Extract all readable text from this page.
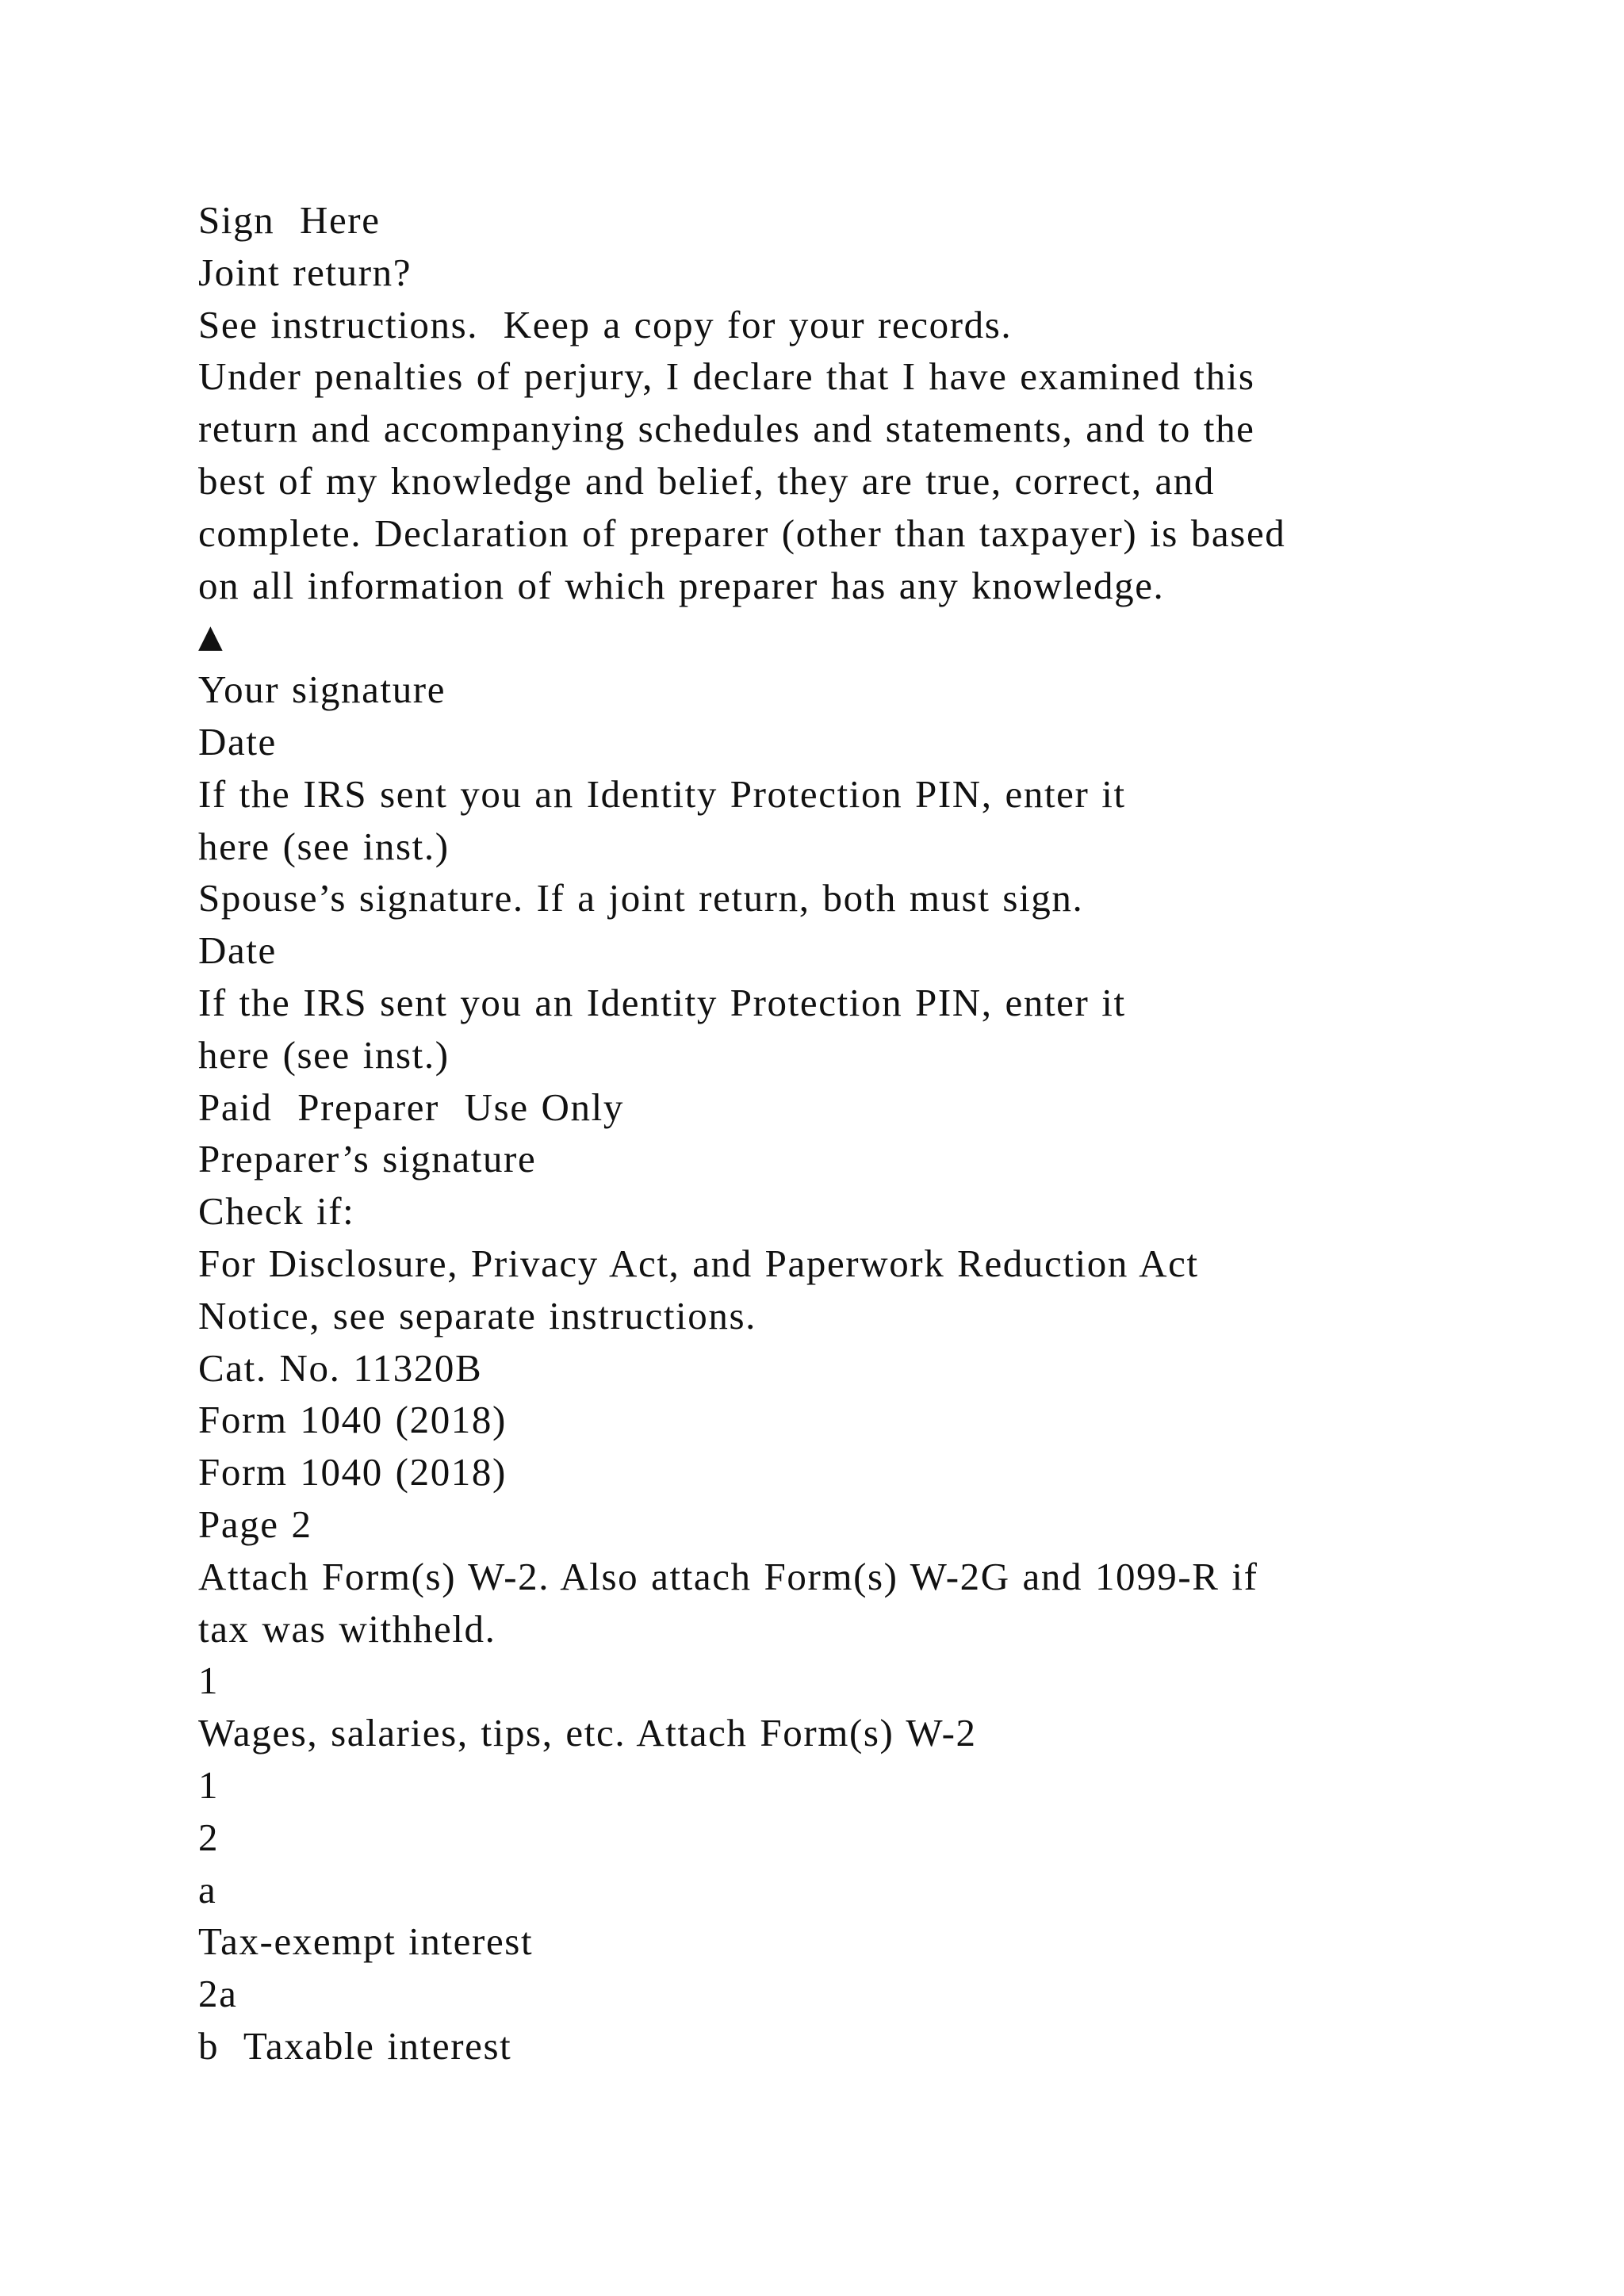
Sign  Here
Joint return?
See instructions.  Keep a copy for your records.
Under penalties of perjury, I declare that I have examined this
return and accompanying schedules and statements, and to the
best of my knowledge and belief, they are true, correct, and
complete. Declaration of preparer (other than taxpayer) is based
on all information of which preparer has any knowledge.
▲
Your signature
Date
If the IRS sent you an Identity Protection PIN, enter it
here (see inst.)
Spouse’s signature. If a joint return, both must sign.
Date
If the IRS sent you an Identity Protection PIN, enter it
here (see inst.)
Paid  Preparer  Use Only
Preparer’s signature
Check if:
For Disclosure, Privacy Act, and Paperwork Reduction Act
Notice, see separate instructions.
Cat. No. 11320B
Form 1040 (2018)
Form 1040 (2018)
Page 2
Attach Form(s) W-2. Also attach Form(s) W-2G and 1099-R if
tax was withheld.
1
Wages, salaries, tips, etc. Attach Form(s) W-2
1
2
a
Tax-exempt interest
2a
b  Taxable interest
